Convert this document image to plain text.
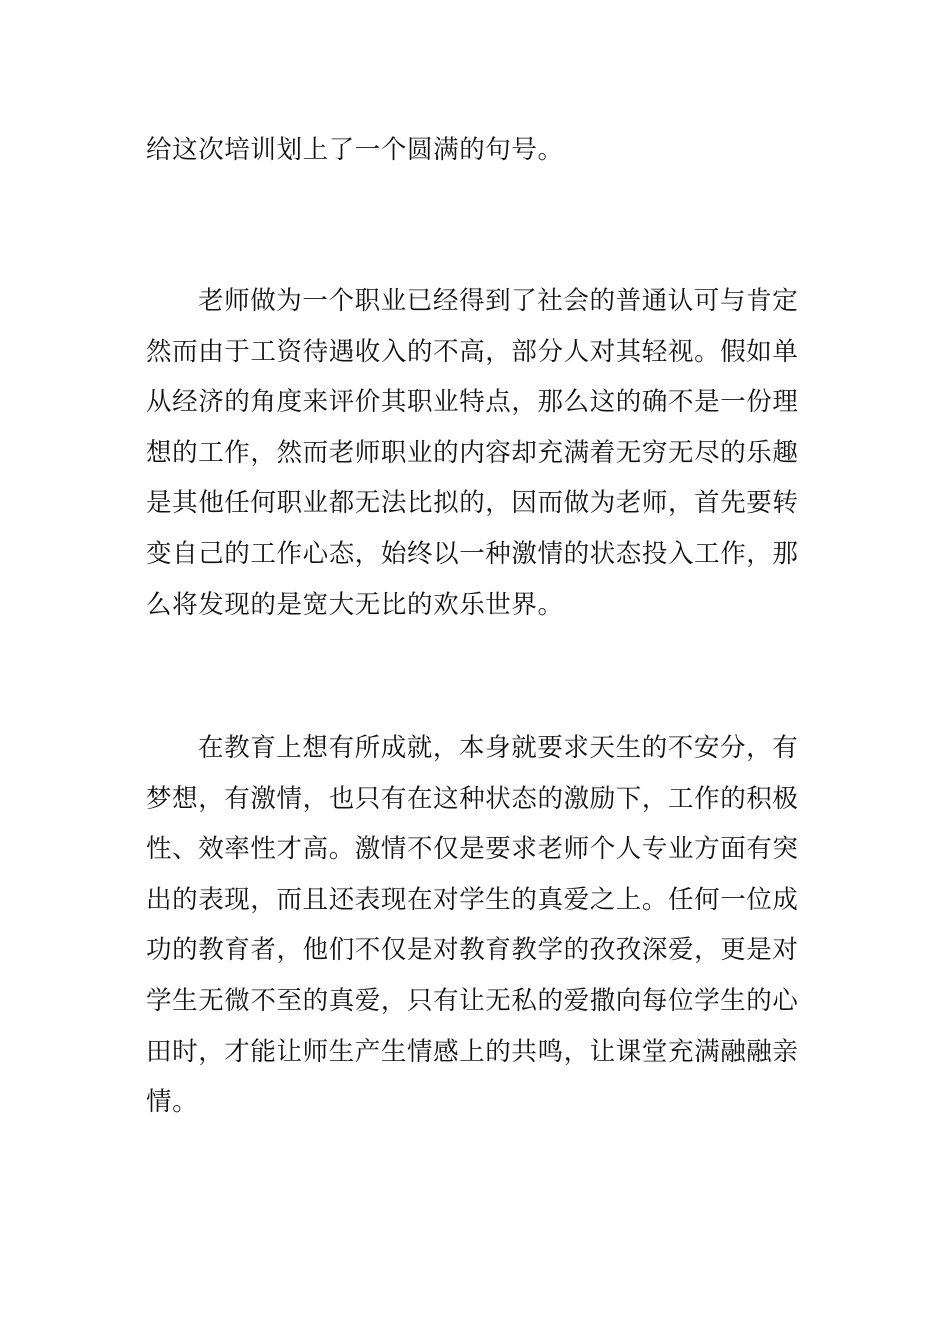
给这次培训划上了一个圆满的句号。
老师做为一个职业已经得到了社会的普通认可与肯定
然而由于工资待遇收入的不高，部分人对其轻视。假如单
从经济的角度来评价其职业特点，那么这的确不是一份理
想的工作，然而老师职业的内容却充满着无穷无尽的乐趣
是其他任何职业都无法比拟的，因而做为老师，首先要转
变自己的工作心态，始终以一种激情的状态投入工作，那
么将发现的是宽大无比的欢乐世界。
在教育上想有所成就，本身就要求天生的不安分，有
梦想，有激情，也只有在这种状态的激励下，工作的积极
性、效率性才高。激情不仅是要求老师个人专业方面有突
出的表现，而且还表现在对学生的真爱之上。任何一位成
功的教育者，他们不仅是对教育教学的孜孜深爱，更是对
学生无微不至的真爱，只有让无私的爱撒向每位学生的心
田时，才能让师生产生情感上的共鸣，让课堂充满融融亲
情。
